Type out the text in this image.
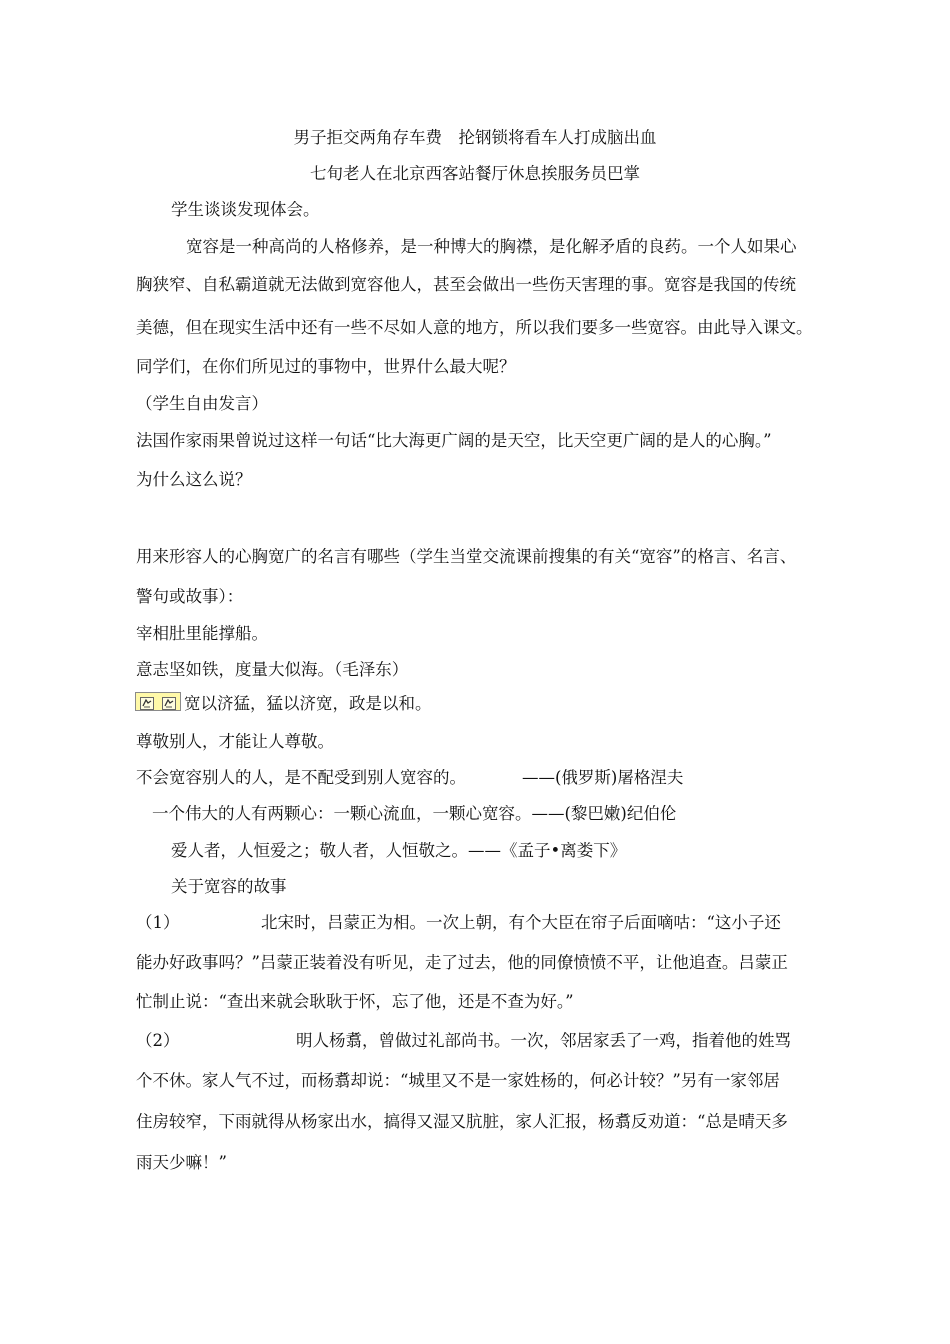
男子拒交两角存车费　抡钢锁将看车人打成脑出血
七旬老人在北京西客站餐厅休息挨服务员巴掌
学生谈谈发现体会。
宽容是一种高尚的人格修养，是一种博大的胸襟，是化解矛盾的良药。一个人如果心
胸狭窄、自私霸道就无法做到宽容他人，甚至会做出一些伤天害理的事。宽容是我国的传统
美德，但在现实生活中还有一些不尽如人意的地方，所以我们要多一些宽容。由此导入课文。
同学们，在你们所见过的事物中，世界什么最大呢？
（学生自由发言）
法国作家雨果曾说过这样一句话“比大海更广阔的是天空，比天空更广阔的是人的心胸。”
为什么这么说？
用来形容人的心胸宽广的名言有哪些（学生当堂交流课前搜集的有关“宽容”的格言、名言、
警句或故事）：
宰相肚里能撑船。
意志坚如铁，度量大似海。（毛泽东）
宽以济猛，猛以济宽，政是以和。
尊敬别人，才能让人尊敬。
不会宽容别人的人，是不配受到别人宽容的。	——(俄罗斯)屠格涅夫
一个伟大的人有两颗心：一颗心流血，一颗心宽容。——(黎巴嫩)纪伯伦
爱人者，人恒爱之；敬人者，人恒敬之。——《孟子•离娄下》
关于宽容的故事
（1）	北宋时，吕蒙正为相。一次上朝，有个大臣在帘子后面嘀咕：“这小子还
能办好政事吗？”吕蒙正装着没有听见，走了过去，他的同僚愤愤不平，让他追查。吕蒙正
忙制止说：“查出来就会耿耿于怀，忘了他，还是不查为好。”
（2）	明人杨翥，曾做过礼部尚书。一次，邻居家丢了一鸡，指着他的姓骂
个不休。家人气不过，而杨翥却说：“城里又不是一家姓杨的，何必计较？”另有一家邻居
住房较窄，下雨就得从杨家出水，搞得又湿又肮脏，家人汇报，杨翥反劝道：“总是晴天多
雨天少嘛！”
